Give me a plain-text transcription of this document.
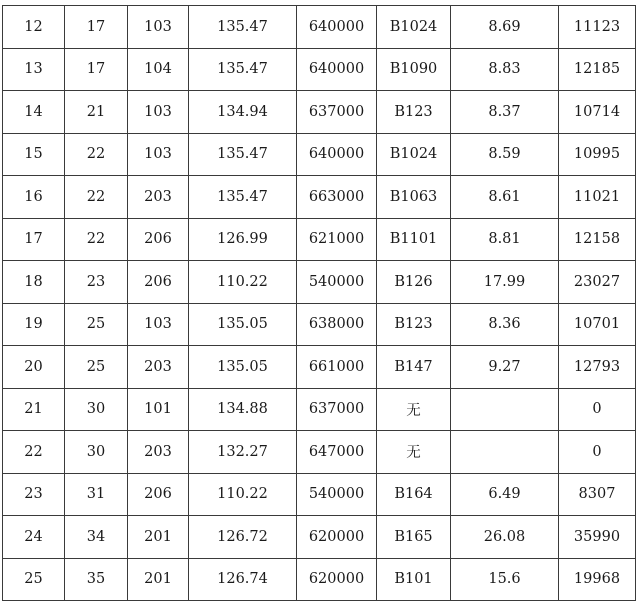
12	17	103	135.47	640000	B1024	8.69	11123
13	17	104	135.47	640000	B1090	8.83	12185
14	21	103	134.94	637000	B123	8.37	10714
15	22	103	135.47	640000	B1024	8.59	10995
16	22	203	135.47	663000	B1063	8.61	11021
17	22	206	126.99	621000	B1101	8.81	12158
18	23	206	110.22	540000	B126	17.99	23027
19	25	103	135.05	638000	B123	8.36	10701
20	25	203	135.05	661000	B147	9.27	12793
21	30	101	134.88	637000	无		0
22	30	203	132.27	647000	无		0
23	31	206	110.22	540000	B164	6.49	8307
24	34	201	126.72	620000	B165	26.08	35990
25	35	201	126.74	620000	B101	15.6	19968
